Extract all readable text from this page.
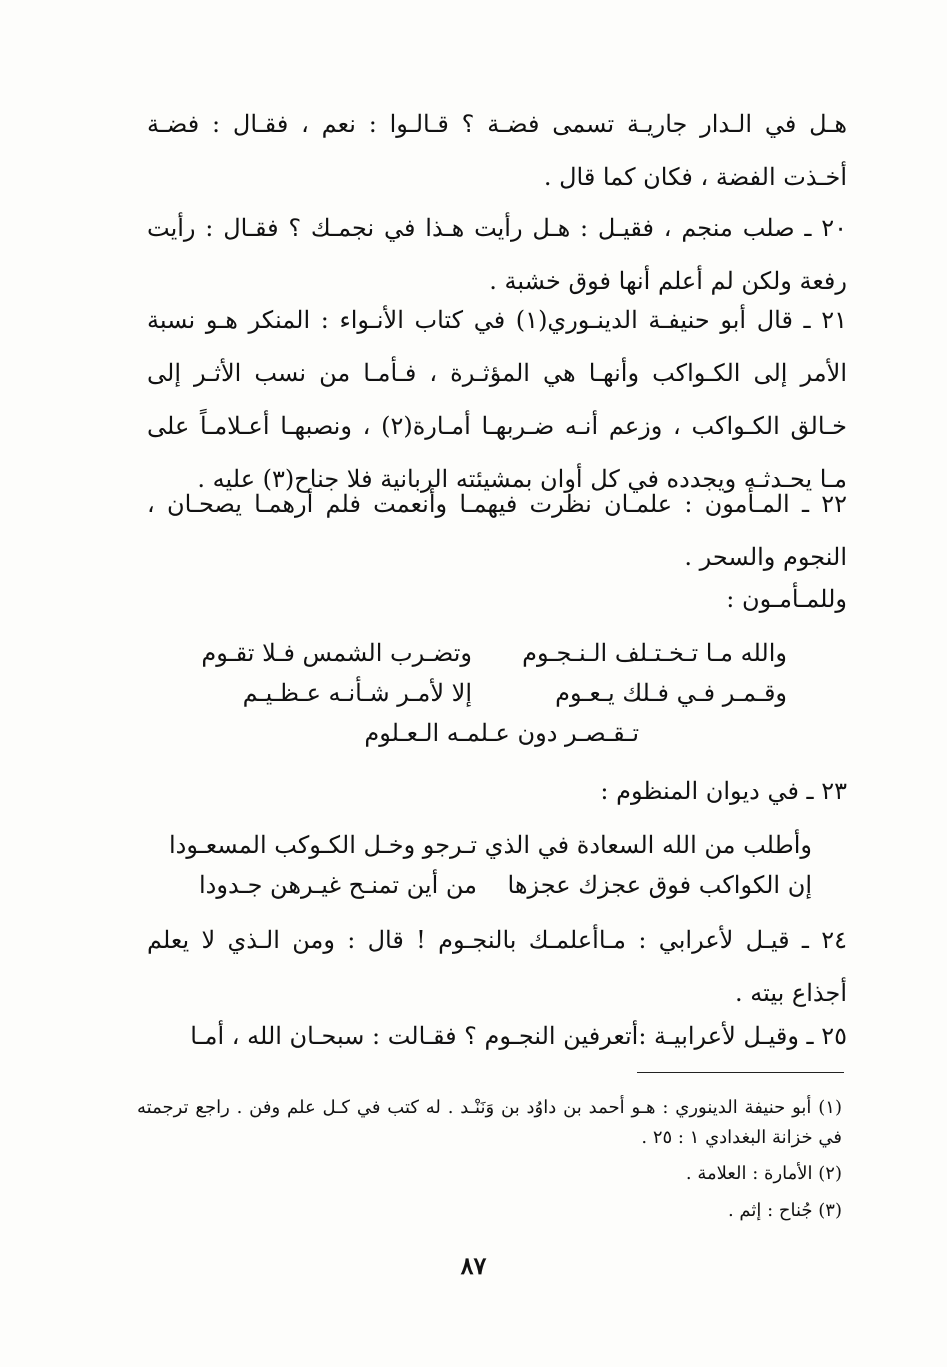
هـل في الـدار جاريـة تسمى فضـة ؟ قـالـوا : نعم ، فقـال : فضـة أخـذت الفضة ، فكان كما قال .
٢٠ ـ صلب منجم ، فقيـل : هـل رأيت هـذا في نجمـك ؟ فقـال : رأيت رفعة ولكن لم أعلم أنها فوق خشبة .
٢١ ـ قال أبو حنيفـة الدينـوري(١) في كتاب الأنـواء : المنكر هـو نسبة الأمر إلى الكـواكب وأنهـا هي المؤثـرة ، فـأمـا من نسب الأثـر إلى خـالق الكـواكب ، وزعم أنـه ضـربهـا أمـارة(٢) ، ونصبهـا أعـلامـاً على مـا يحـدثـه ويجدده في كل أوان بمشيئته الربانية فلا جناح(٣) عليه .
٢٢ ـ المـأمون : علمـان نظرت فيهمـا وأنعمت فلم أرهمـا يصحـان ، النجوم والسحر .
وللمـأمـون :
والله مـا تـخـتـلف الـنـجـوم
وتضـرب الشمس فـلا تقـوم
وقـمـر فـي فـلك يـعـوم
إلا لأمـر شـأنـه عـظـيـم
تـقـصـر دون عـلمـه الـعـلوم
٢٣ ـ في ديوان المنظوم :
وأطلب من الله السعادة في الذي
تـرجو وخـل الكـوكب المسعـودا
إن الكواكب فوق عجزك عجزها
من أين تمنـح غيـرهن جـدودا
٢٤ ـ قيـل لأعرابي : مـاأعلمـك بالنجـوم ! قال : ومن الـذي لا يعلم أجذاع بيته .
٢٥ ـ وقيـل لأعرابيـة :أتعرفين النجـوم ؟ فقـالت : سبحـان الله ، أمـا
(١) أبو حنيفة الدينوري : هـو أحمد بن داوُد بن وَنَنْـد . له كتب في كـل علم وفن . راجع ترجمته في خزانة البغدادي ١ : ٢٥ .
(٢) الأمارة : العلامة .
(٣) جُناح : إثم .
٨٧
